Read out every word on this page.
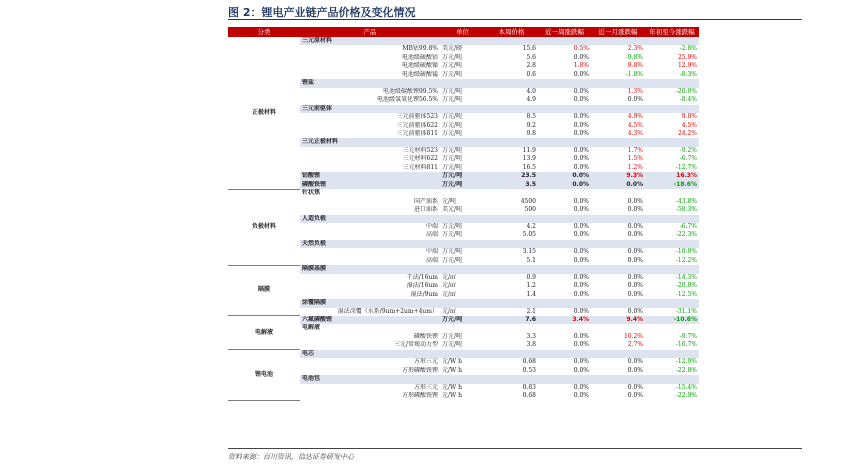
图 2：锂电产业链产品价格及变化情况
分类	产品	单位	本周价格	近一周涨跌幅	近一月涨跌幅	年初至今涨跌幅
正极材料	三元原材料					
	MB钴99.8%	美元/磅	15.6	0.5%	2.3%	-2.8%
	电池级硫酸钴	万元/吨	5.6	0.0%	-9.8%	25.9%
	电池级硫酸镍	万元/吨	2.8	1.8%	9.8%	12.9%
	电池级硫酸锰	万元/吨	0.6	0.0%	-1.8%	-8.3%
	锂盐					
	电池级碳酸锂99.5%	万元/吨	4.0	0.0%	1.3%	-20.0%
	电池级氢氧化锂56.5%	万元/吨	4.9	0.0%	0.0%	-8.4%
	三元前驱体					
	三元前驱体523	万元/吨	8.5	0.0%	4.9%	9.0%
	三元前驱体622	万元/吨	9.2	0.0%	4.5%	4.5%
	三元前驱体811	万元/吨	9.8	0.0%	4.3%	24.2%
	三元正极材料					
	三元材料523	万元/吨	11.9	0.0%	1.7%	-9.2%
	三元材料622	万元/吨	13.9	0.0%	1.5%	-6.7%
	三元材料811	万元/吨	16.5	0.0%	1.2%	-12.7%
	钴酸锂	万元/吨	23.5	0.0%	9.3%	16.3%
	磷酸铁锂	万元/吨	3.5	0.0%	0.0%	-18.6%
负极材料	针状焦					
	国产油系	元/吨	4500	0.0%	0.0%	-43.8%
	进口油系	美元/吨	500	0.0%	0.0%	-58.3%
	人造负极					
	中端	万元/吨	4.2	0.0%	0.0%	-6.7%
	高端	万元/吨	5.05	0.0%	0.0%	-22.3%
	天然负极					
	中端	万元/吨	3.15	0.0%	0.0%	-10.0%
	高端	万元/吨	5.1	0.0%	0.0%	-12.2%
隔膜	隔膜基膜					
	干法/16um	元/㎡	0.9	0.0%	0.0%	-14.3%
	湿法/16um	元/㎡	1.2	0.0%	0.0%	-20.0%
	湿法/9um	元/㎡	1.4	0.0%	0.0%	-12.5%
	涂覆隔膜					
	湿法涂覆（水系/9um+2um+4um）	元/㎡	2.1	0.0%	0.0%	-31.1%
电解液	六氟磷酸锂	万元/吨	7.6	3.4%	9.4%	-10.6%
	电解液					
	磷酸铁锂	万元/吨	3.3	0.0%	10.2%	-9.7%
	三元/常规动力型	万元/吨	3.8	0.0%	2.7%	-16.7%
锂电池	电芯					
	方形三元	元/W h	0.68	0.0%	0.0%	-12.9%
	方形磷酸铁锂	元/W h	0.53	0.0%	0.0%	-22.8%
	电池包					
	方形三元	元/W h	0.83	0.0%	0.0%	-15.4%
	方形磷酸铁锂	元/W h	0.68	0.0%	0.0%	-22.9%
资料来源：百川资讯，信达证券研发中心
